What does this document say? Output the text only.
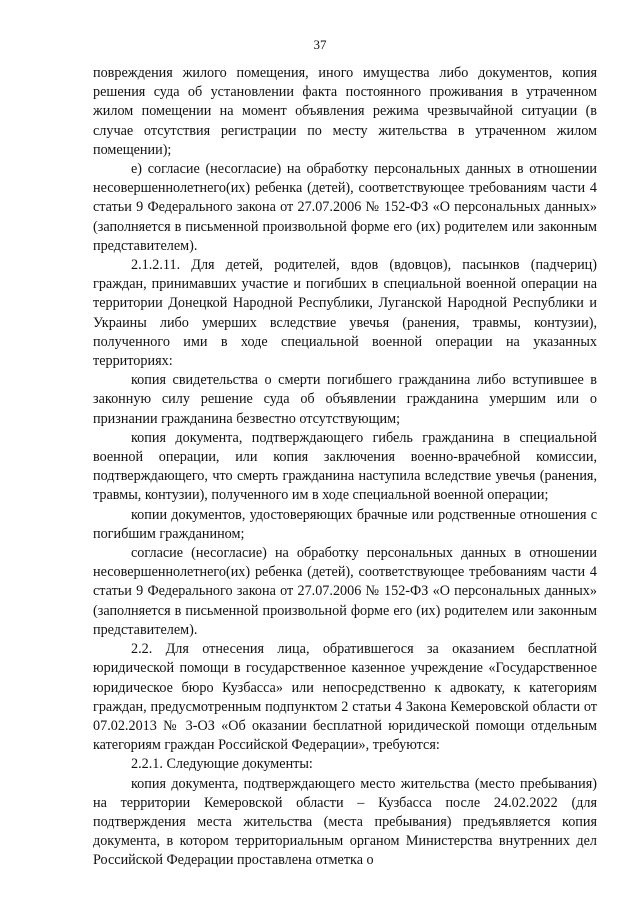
37

повреждения жилого помещения, иного имущества либо документов, копия решения суда об установлении факта постоянного проживания в утраченном жилом помещении на момент объявления режима чрезвычайной ситуации (в случае отсутствия регистрации по месту жительства в утраченном жилом помещении);

е) согласие (несогласие) на обработку персональных данных в отношении несовершеннолетнего(их) ребенка (детей), соответствующее требованиям части 4 статьи 9 Федерального закона от 27.07.2006 № 152-ФЗ «О персональных данных» (заполняется в письменной произвольной форме его (их) родителем или законным представителем).

2.1.2.11. Для детей, родителей, вдов (вдовцов), пасынков (падчериц) граждан, принимавших участие и погибших в специальной военной операции на территории Донецкой Народной Республики, Луганской Народной Республики и Украины либо умерших вследствие увечья (ранения, травмы, контузии), полученного ими в ходе специальной военной операции на указанных территориях:

копия свидетельства о смерти погибшего гражданина либо вступившее в законную силу решение суда об объявлении гражданина умершим или о признании гражданина безвестно отсутствующим;

копия документа, подтверждающего гибель гражданина в специальной военной операции, или копия заключения военно-врачебной комиссии, подтверждающего, что смерть гражданина наступила вследствие увечья (ранения, травмы, контузии), полученного им в ходе специальной военной операции;

копии документов, удостоверяющих брачные или родственные отношения с погибшим гражданином;

согласие (несогласие) на обработку персональных данных в отношении несовершеннолетнего(их) ребенка (детей), соответствующее требованиям части 4 статьи 9 Федерального закона от 27.07.2006 № 152-ФЗ «О персональных данных» (заполняется в письменной произвольной форме его (их) родителем или законным представителем).

2.2. Для отнесения лица, обратившегося за оказанием бесплатной юридической помощи в государственное казенное учреждение «Государственное юридическое бюро Кузбасса» или непосредственно к адвокату, к категориям граждан, предусмотренным подпунктом 2 статьи 4 Закона Кемеровской области от 07.02.2013 № 3-ОЗ «Об оказании бесплатной юридической помощи отдельным категориям граждан Российской Федерации», требуются:

2.2.1. Следующие документы:

копия документа, подтверждающего место жительства (место пребывания) на территории Кемеровской области – Кузбасса после 24.02.2022 (для подтверждения места жительства (места пребывания) предъявляется копия документа, в котором территориальным органом Министерства внутренних дел Российской Федерации проставлена отметка о
